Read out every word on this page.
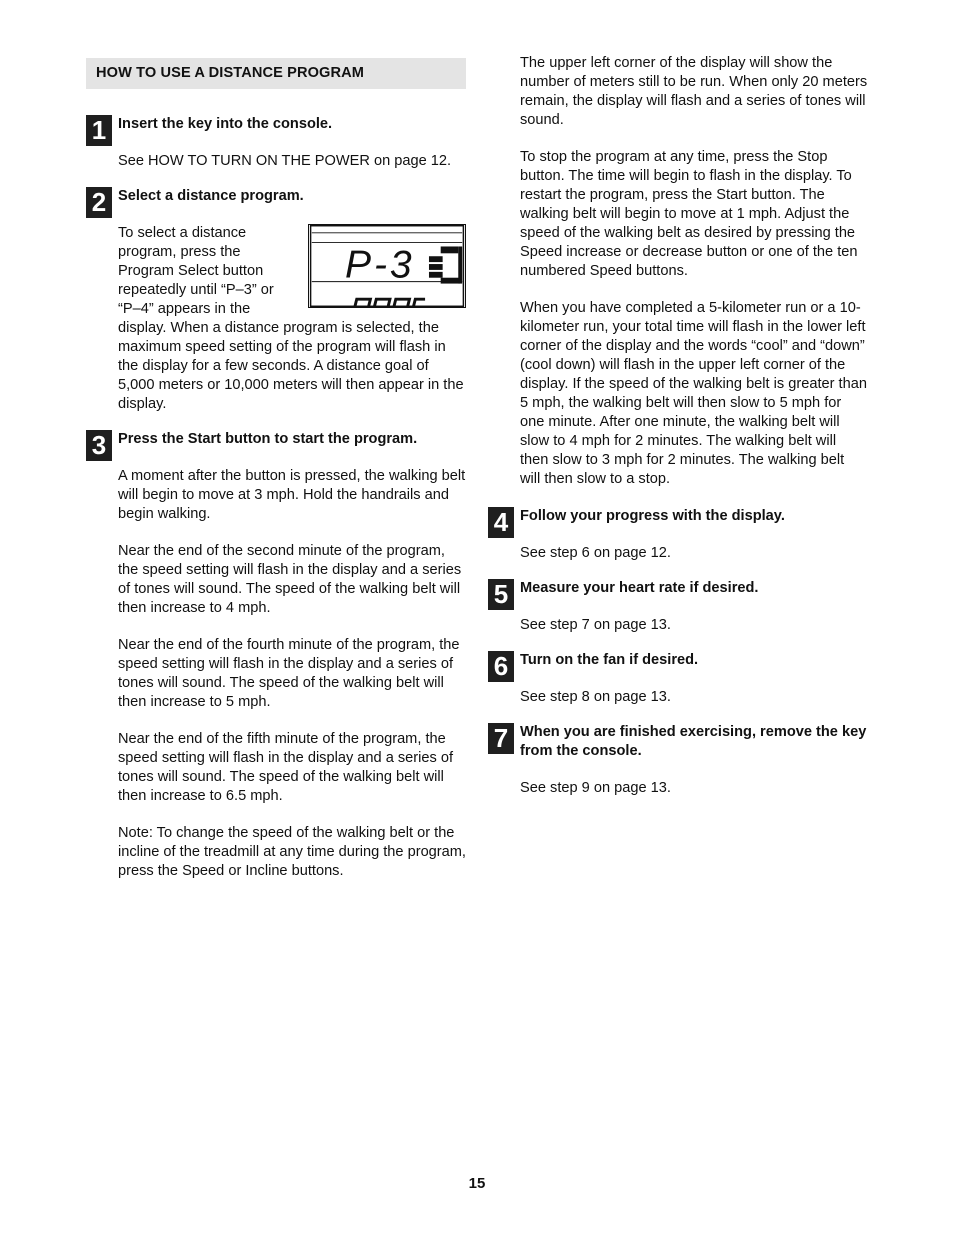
HOW TO USE A DISTANCE PROGRAM
1 Insert the key into the console.

See HOW TO TURN ON THE POWER on page 12.

2 Select a distance program.

P-3

To select a distance program, press the Program Select button repeatedly until “P–3” or “P–4” appears in the display. When a distance program is selected, the maximum speed setting of the program will flash in the display for a few seconds. A distance goal of 5,000 meters or 10,000 meters will then appear in the display.

3 Press the Start button to start the program.

A moment after the button is pressed, the walking belt will begin to move at 3 mph. Hold the handrails and begin walking.

Near the end of the second minute of the program, the speed setting will flash in the display and a series of tones will sound. The speed of the walking belt will then increase to 4 mph.

Near the end of the fourth minute of the program, the speed setting will flash in the display and a series of tones will sound. The speed of the walking belt will then increase to 5 mph.

Near the end of the fifth minute of the program, the speed setting will flash in the display and a series of tones will sound. The speed of the walking belt will then increase to 6.5 mph.

Note: To change the speed of the walking belt or the incline of the treadmill at any time during the program, press the Speed or Incline buttons.

The upper left corner of the display will show the number of meters still to be run. When only 20 meters remain, the display will flash and a series of tones will sound.

To stop the program at any time, press the Stop button. The time will begin to flash in the display. To restart the program, press the Start button. The walking belt will begin to move at 1 mph. Adjust the speed of the walking belt as desired by pressing the Speed increase or decrease button or one of the ten numbered Speed buttons.

When you have completed a 5-kilometer run or a 10-kilometer run, your total time will flash in the lower left corner of the display and the words “cool” and “down” (cool down) will flash in the upper left corner of the display. If the speed of the walking belt is greater than 5 mph, the walking belt will then slow to 5 mph for one minute. After one minute, the walking belt will slow to 4 mph for 2 minutes. The walking belt will then slow to 3 mph for 2 minutes. The walking belt will then slow to a stop.

4 Follow your progress with the display.

See step 6 on page 12.

5 Measure your heart rate if desired.

See step 7 on page 13.

6 Turn on the fan if desired.

See step 8 on page 13.

7 When you are finished exercising, remove the key from the console.

See step 9 on page 13.

15
